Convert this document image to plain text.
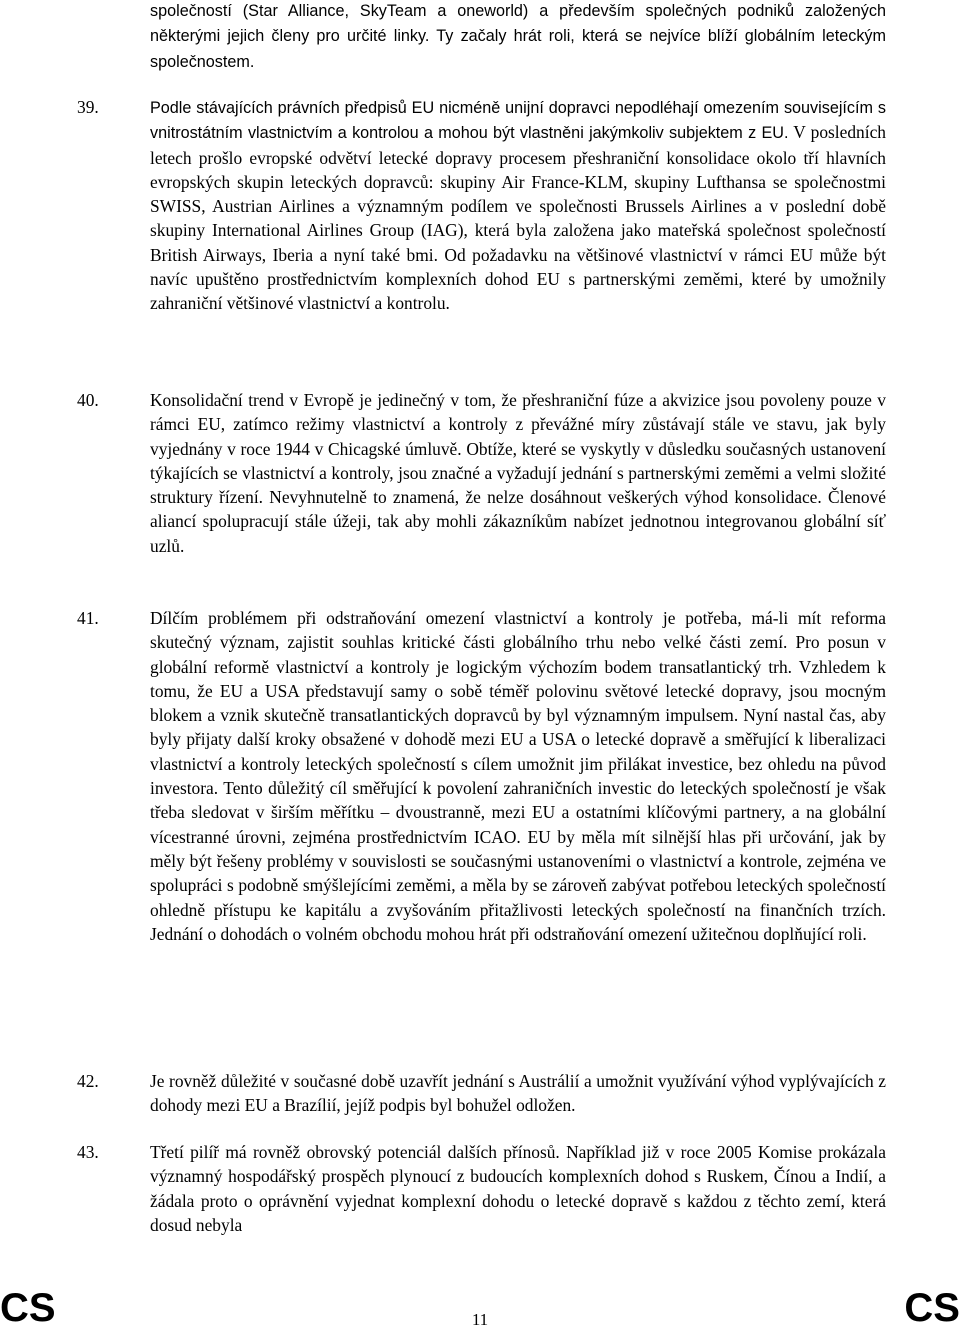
společností (Star Alliance, SkyTeam a oneworld) a především společných podniků založených některými jejich členy pro určité linky. Ty začaly hrát roli, která se nejvíce blíží globálním leteckým společnostem.
39.	Podle stávajících právních předpisů EU nicméně unijní dopravci nepodléhají omezením souvisejícím s vnitrostátním vlastnictvím a kontrolou a mohou být vlastněni jakýmkoliv subjektem z EU. V posledních letech prošlo evropské odvětví letecké dopravy procesem přeshraniční konsolidace okolo tří hlavních evropských skupin leteckých dopravců: skupiny Air France-KLM, skupiny Lufthansa se společnostmi SWISS, Austrian Airlines a významným podílem ve společnosti Brussels Airlines a v poslední době skupiny International Airlines Group (IAG), která byla založena jako mateřská společnost společností British Airways, Iberia a nyní také bmi. Od požadavku na většinové vlastnictví v rámci EU může být navíc upuštěno prostřednictvím komplexních dohod EU s partnerskými zeměmi, které by umožnily zahraniční většinové vlastnictví a kontrolu.
40.	Konsolidační trend v Evropě je jedinečný v tom, že přeshraniční fúze a akvizice jsou povoleny pouze v rámci EU, zatímco režimy vlastnictví a kontroly z převážné míry zůstávají stále ve stavu, jak byly vyjednány v roce 1944 v Chicagské úmluvě. Obtíže, které se vyskytly v důsledku současných ustanovení týkajících se vlastnictví a kontroly, jsou značné a vyžadují jednání s partnerskými zeměmi a velmi složité struktury řízení. Nevyhnutelně to znamená, že nelze dosáhnout veškerých výhod konsolidace. Členové aliancí spolupracují stále úžeji, tak aby mohli zákazníkům nabízet jednotnou integrovanou globální síť uzlů.
41.	Dílčím problémem při odstraňování omezení vlastnictví a kontroly je potřeba, má-li mít reforma skutečný význam, zajistit souhlas kritické části globálního trhu nebo velké části zemí. Pro posun v globální reformě vlastnictví a kontroly je logickým výchozím bodem transatlantický trh. Vzhledem k tomu, že EU a USA představují samy o sobě téměř polovinu světové letecké dopravy, jsou mocným blokem a vznik skutečně transatlantických dopravců by byl významným impulsem. Nyní nastal čas, aby byly přijaty další kroky obsažené v dohodě mezi EU a USA o letecké dopravě a směřující k liberalizaci vlastnictví a kontroly leteckých společností s cílem umožnit jim přilákat investice, bez ohledu na původ investora. Tento důležitý cíl směřující k povolení zahraničních investic do leteckých společností je však třeba sledovat v širším měřítku – dvoustranně, mezi EU a ostatními klíčovými partnery, a na globální vícestranné úrovni, zejména prostřednictvím ICAO. EU by měla mít silnější hlas při určování, jak by měly být řešeny problémy v souvislosti se současnými ustanoveními o vlastnictví a kontrole, zejména ve spolupráci s podobně smýšlejícími zeměmi, a měla by se zároveň zabývat potřebou leteckých společností ohledně přístupu ke kapitálu a zvyšováním přitažlivosti leteckých společností na finančních trzích. Jednání o dohodách o volném obchodu mohou hrát při odstraňování omezení užitečnou doplňující roli.
42.	Je rovněž důležité v současné době uzavřít jednání s Austrálií a umožnit využívání výhod vyplývajících z dohody mezi EU a Brazílií, jejíž podpis byl bohužel odložen.
43.	Třetí pilíř má rovněž obrovský potenciál dalších přínosů. Například již v roce 2005 Komise prokázala významný hospodářský prospěch plynoucí z budoucích komplexních dohod s Ruskem, Čínou a Indií, a žádala proto o oprávnění vyjednat komplexní dohodu o letecké dopravě s každou z těchto zemí, která dosud nebyla
CS	11	CS
